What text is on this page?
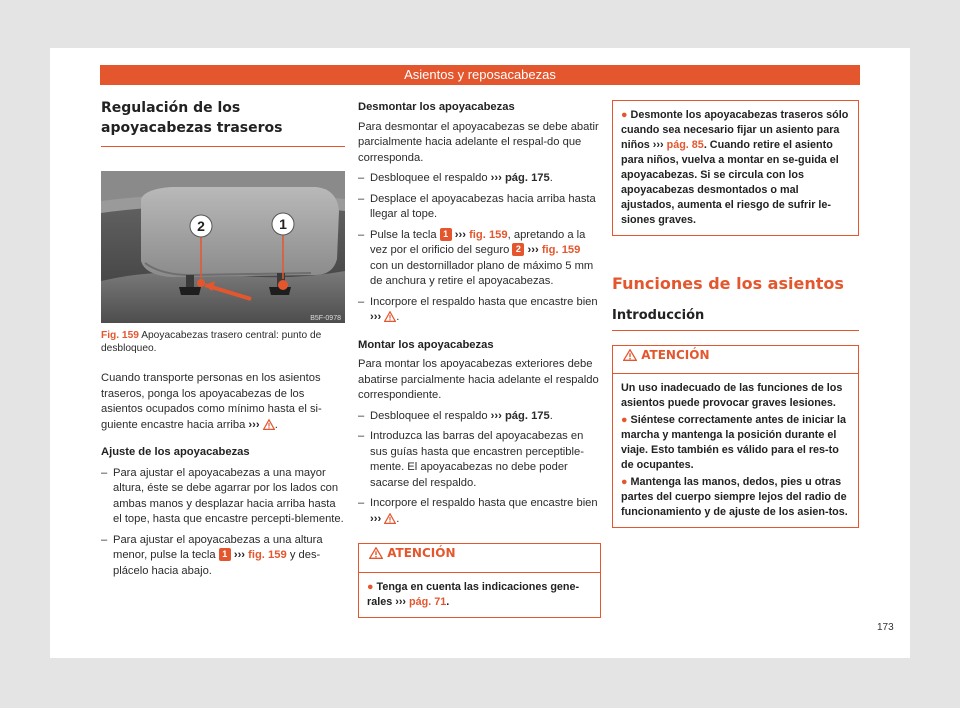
Asientos y reposacabezas
Regulación de los apoyacabezas traseros
2	1
B5F-0978
Fig. 159 Apoyacabezas trasero central: punto de desbloqueo.

Cuando transporte personas en los asientos traseros, ponga los apoyacabezas de los asientos ocupados como mínimo hasta el si-guiente encastre hacia arriba ››› .

Ajuste de los apoyacabezas
– Para ajustar el apoyacabezas a una mayor altura, éste se debe agarrar por los lados con ambas manos y desplazar hacia arriba hasta el tope, hasta que encastre percepti-blemente.
– Para ajustar el apoyacabezas a una altura menor, pulse la tecla 1 ››› fig. 159 y des-plácelo hacia abajo.
Desmontar los apoyacabezas

Para desmontar el apoyacabezas se debe abatir parcialmente hacia adelante el respal-do que corresponda.

– Desbloquee el respaldo ››› pág. 175.
– Desplace el apoyacabezas hacia arriba hasta llegar al tope.
– Pulse la tecla 1 ››› fig. 159, apretando a la vez por el orificio del seguro 2 ››› fig. 159 con un destornillador plano de máximo 5 mm de anchura y retire el apoyacabezas.
– Incorpore el respaldo hasta que encastre bien ››› .
Montar los apoyacabezas

Para montar los apoyacabezas exteriores debe abatirse parcialmente hacia adelante el respaldo correspondiente.

– Desbloquee el respaldo ››› pág. 175.
– Introduzca las barras del apoyacabezas en sus guías hasta que encastren perceptible-mente. El apoyacabezas no debe poder sacarse del respaldo.
– Incorpore el respaldo hasta que encastre bien ››› .
ATENCIÓN
● Tenga en cuenta las indicaciones gene-rales ››› pág. 71.
● Desmonte los apoyacabezas traseros sólo cuando sea necesario fijar un asiento para niños ››› pág. 85. Cuando retire el asiento para niños, vuelva a montar en se-guida el apoyacabezas. Si se circula con los apoyacabezas desmontados o mal ajustados, aumenta el riesgo de sufrir le-siones graves.
Funciones de los asientos
Introducción
ATENCIÓN
Un uso inadecuado de las funciones de los asientos puede provocar graves lesiones.
● Siéntese correctamente antes de iniciar la marcha y mantenga la posición durante el viaje. Esto también es válido para el res-to de ocupantes.
● Mantenga las manos, dedos, pies u otras partes del cuerpo siempre lejos del radio de funcionamiento y de ajuste de los asien-tos.
173
